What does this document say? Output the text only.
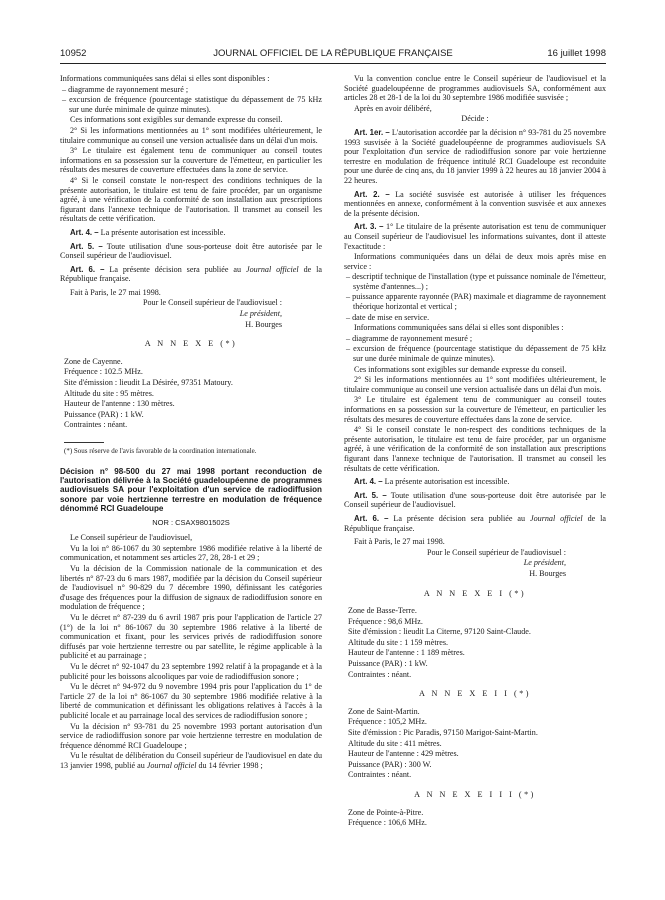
10952	JOURNAL OFFICIEL DE LA RÉPUBLIQUE FRANÇAISE	16 juillet 1998

Informations communiquées sans délai si elles sont disponibles :

– diagramme de rayonnement mesuré ;

– excursion de fréquence (pourcentage statistique du dépassement de 75 kHz sur une durée minimale de quinze minutes).

Ces informations sont exigibles sur demande expresse du conseil.

2° Si les informations mentionnées au 1° sont modifiées ultérieurement, le titulaire communique au conseil une version actualisée dans un délai d'un mois.

3° Le titulaire est également tenu de communiquer au conseil toutes informations en sa possession sur la couverture de l'émetteur, en particulier les résultats des mesures de couverture effectuées dans la zone de service.

4° Si le conseil constate le non-respect des conditions techniques de la présente autorisation, le titulaire est tenu de faire procéder, par un organisme agréé, à une vérification de la conformité de son installation aux prescriptions figurant dans l'annexe technique de l'autorisation. Il transmet au conseil les résultats de cette vérification.

Art. 4. – La présente autorisation est incessible.

Art. 5. – Toute utilisation d'une sous-porteuse doit être autorisée par le Conseil supérieur de l'audiovisuel.

Art. 6. – La présente décision sera publiée au Journal officiel de la République française.

Fait à Paris, le 27 mai 1998.

Pour le Conseil supérieur de l'audiovisuel :

Le président,

H. Bourges

A N N E X E (*)

Zone de Cayenne.

Fréquence : 102.5 MHz.

Site d'émission : lieudit La Désirée, 97351 Matoury.

Altitude du site : 95 mètres.

Hauteur de l'antenne : 130 mètres.

Puissance (PAR) : 1 kW.

Contraintes : néant.

(*) Sous réserve de l'avis favorable de la coordination internationale.

Décision n° 98-500 du 27 mai 1998 portant reconduction de l'autorisation délivrée à la Société guadeloupéenne de programmes audiovisuels SA pour l'exploitation d'un service de radiodiffusion sonore par voie hertzienne terrestre en modulation de fréquence dénommé RCI Guadeloupe
NOR : CSAX9801502S

Le Conseil supérieur de l'audiovisuel,

Vu la loi n° 86-1067 du 30 septembre 1986 modifiée relative à la liberté de communication, et notamment ses articles 27, 28, 28-1 et 29 ;

Vu la décision de la Commission nationale de la communication et des libertés n° 87-23 du 6 mars 1987, modifiée par la décision du Conseil supérieur de l'audiovisuel n° 90-829 du 7 décembre 1990, définissant les catégories d'usage des fréquences pour la diffusion de signaux de radiodiffusion sonore en modulation de fréquence ;

Vu le décret n° 87-239 du 6 avril 1987 pris pour l'application de l'article 27 (1°) de la loi n° 86-1067 du 30 septembre 1986 relative à la liberté de communication et fixant, pour les services privés de radiodiffusion sonore diffusés par voie hertzienne terrestre ou par satellite, le régime applicable à la publicité et au parrainage ;

Vu le décret n° 92-1047 du 23 septembre 1992 relatif à la propagande et à la publicité pour les boissons alcooliques par voie de radiodiffusion sonore ;

Vu le décret n° 94-972 du 9 novembre 1994 pris pour l'application du 1° de l'article 27 de la loi n° 86-1067 du 30 septembre 1986 modifiée relative à la liberté de communication et définissant les obligations relatives à l'accès à la publicité locale et au parrainage local des services de radiodiffusion sonore ;

Vu la décision n° 93-781 du 25 novembre 1993 portant autorisation d'un service de radiodiffusion sonore par voie hertzienne terrestre en modulation de fréquence dénommé RCI Guadeloupe ;

Vu le résultat de délibération du Conseil supérieur de l'audiovisuel en date du 13 janvier 1998, publié au Journal officiel du 14 février 1998 ;

Vu la convention conclue entre le Conseil supérieur de l'audiovisuel et la Société guadeloupéenne de programmes audiovisuels SA, conformément aux articles 28 et 28-1 de la loi du 30 septembre 1986 modifiée susvisée ;

Après en avoir délibéré,

Décide :

Art. 1er. – L'autorisation accordée par la décision n° 93-781 du 25 novembre 1993 susvisée à la Société guadeloupéenne de programmes audiovisuels SA pour l'exploitation d'un service de radiodiffusion sonore par voie hertzienne terrestre en modulation de fréquence intitulé RCI Guadeloupe est reconduite pour une durée de cinq ans, du 18 janvier 1999 à 22 heures au 18 janvier 2004 à 22 heures.

Art. 2. – La société susvisée est autorisée à utiliser les fréquences mentionnées en annexe, conformément à la convention susvisée et aux annexes de la présente décision.

Art. 3. – 1° Le titulaire de la présente autorisation est tenu de communiquer au Conseil supérieur de l'audiovisuel les informations suivantes, dont il atteste l'exactitude :

Informations communiquées dans un délai de deux mois après mise en service :

– descriptif technique de l'installation (type et puissance nominale de l'émetteur, système d'antennes...) ;

– puissance apparente rayonnée (PAR) maximale et diagramme de rayonnement théorique horizontal et vertical ;

– date de mise en service.

Informations communiquées sans délai si elles sont disponibles :

– diagramme de rayonnement mesuré ;

– excursion de fréquence (pourcentage statistique du dépassement de 75 kHz sur une durée minimale de quinze minutes).

Ces informations sont exigibles sur demande expresse du conseil.

2° Si les informations mentionnées au 1° sont modifiées ultérieurement, le titulaire communique au conseil une version actualisée dans un délai d'un mois.

3° Le titulaire est également tenu de communiquer au conseil toutes informations en sa possession sur la couverture de l'émetteur, en particulier les résultats des mesures de couverture effectuées dans la zone de service.

4° Si le conseil constate le non-respect des conditions techniques de la présente autorisation, le titulaire est tenu de faire procéder, par un organisme agréé, à une vérification de la conformité de son installation aux prescriptions figurant dans l'annexe technique de l'autorisation. Il transmet au conseil les résultats de cette vérification.

Art. 4. – La présente autorisation est incessible.

Art. 5. – Toute utilisation d'une sous-porteuse doit être autorisée par le Conseil supérieur de l'audiovisuel.

Art. 6. – La présente décision sera publiée au Journal officiel de la République française.

Fait à Paris, le 27 mai 1998.

Pour le Conseil supérieur de l'audiovisuel :

Le président,

H. Bourges

A N N E X E I (*)

Zone de Basse-Terre.

Fréquence : 98,6 MHz.

Site d'émission : lieudit La Citerne, 97120 Saint-Claude.

Altitude du site : 1 159 mètres.

Hauteur de l'antenne : 1 189 mètres.

Puissance (PAR) : 1 kW.

Contraintes : néant.

A N N E X E I I (*)

Zone de Saint-Martin.

Fréquence : 105,2 MHz.

Site d'émission : Pic Paradis, 97150 Marigot-Saint-Martin.

Altitude du site : 411 mètres.

Hauteur de l'antenne : 429 mètres.

Puissance (PAR) : 300 W.

Contraintes : néant.

A N N E X E I I I (*)

Zone de Pointe-à-Pitre.

Fréquence : 106,6 MHz.
